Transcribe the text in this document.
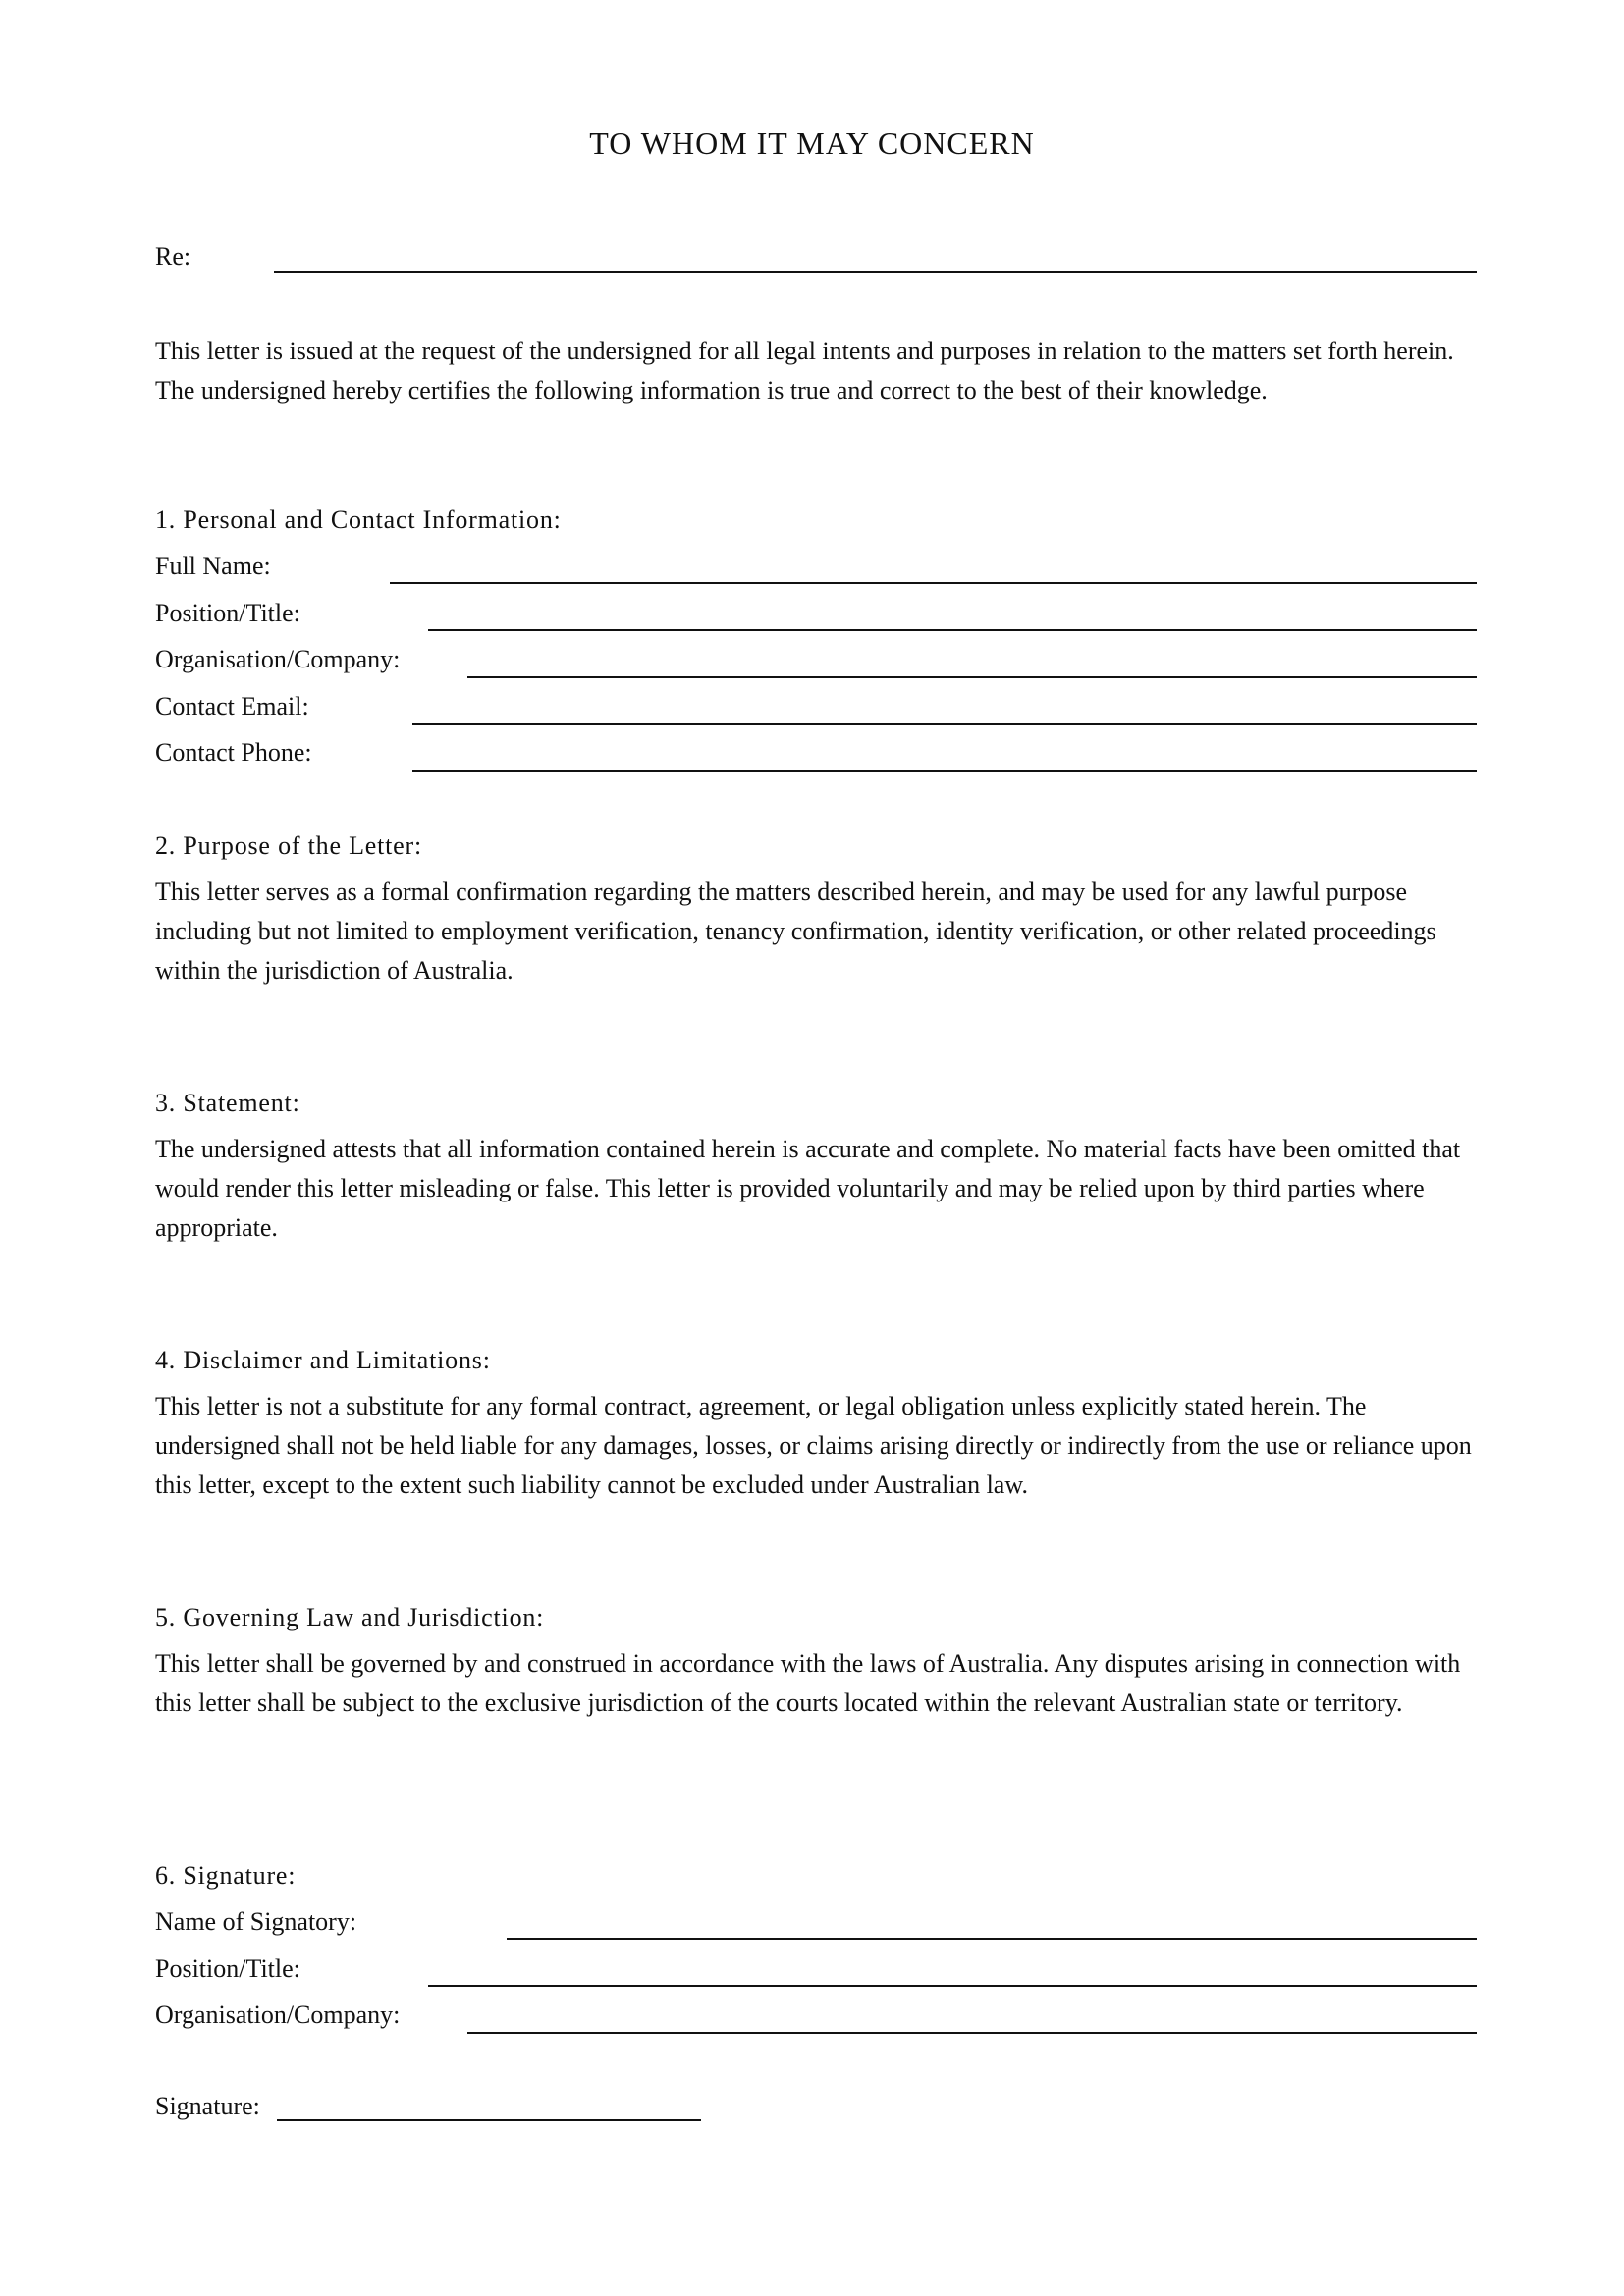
TO WHOM IT MAY CONCERN
Re:

This letter is issued at the request of the undersigned for all legal intents and purposes in relation to the matters set forth herein. The undersigned hereby certifies the following information is true and correct to the best of their knowledge.

1. Personal and Contact Information:

Full Name:
Position/Title:
Organisation/Company:
Contact Email:
Contact Phone:

2. Purpose of the Letter:

This letter serves as a formal confirmation regarding the matters described herein, and may be used for any lawful purpose including but not limited to employment verification, tenancy confirmation, identity verification, or other related proceedings within the jurisdiction of Australia.

3. Statement:

The undersigned attests that all information contained herein is accurate and complete. No material facts have been omitted that would render this letter misleading or false. This letter is provided voluntarily and may be relied upon by third parties where appropriate.

4. Disclaimer and Limitations:

This letter is not a substitute for any formal contract, agreement, or legal obligation unless explicitly stated herein. The undersigned shall not be held liable for any damages, losses, or claims arising directly or indirectly from the use or reliance upon this letter, except to the extent such liability cannot be excluded under Australian law.

5. Governing Law and Jurisdiction:

This letter shall be governed by and construed in accordance with the laws of Australia. Any disputes arising in connection with this letter shall be subject to the exclusive jurisdiction of the courts located within the relevant Australian state or territory.

6. Signature:

Name of Signatory:
Position/Title:
Organisation/Company:
Signature:
